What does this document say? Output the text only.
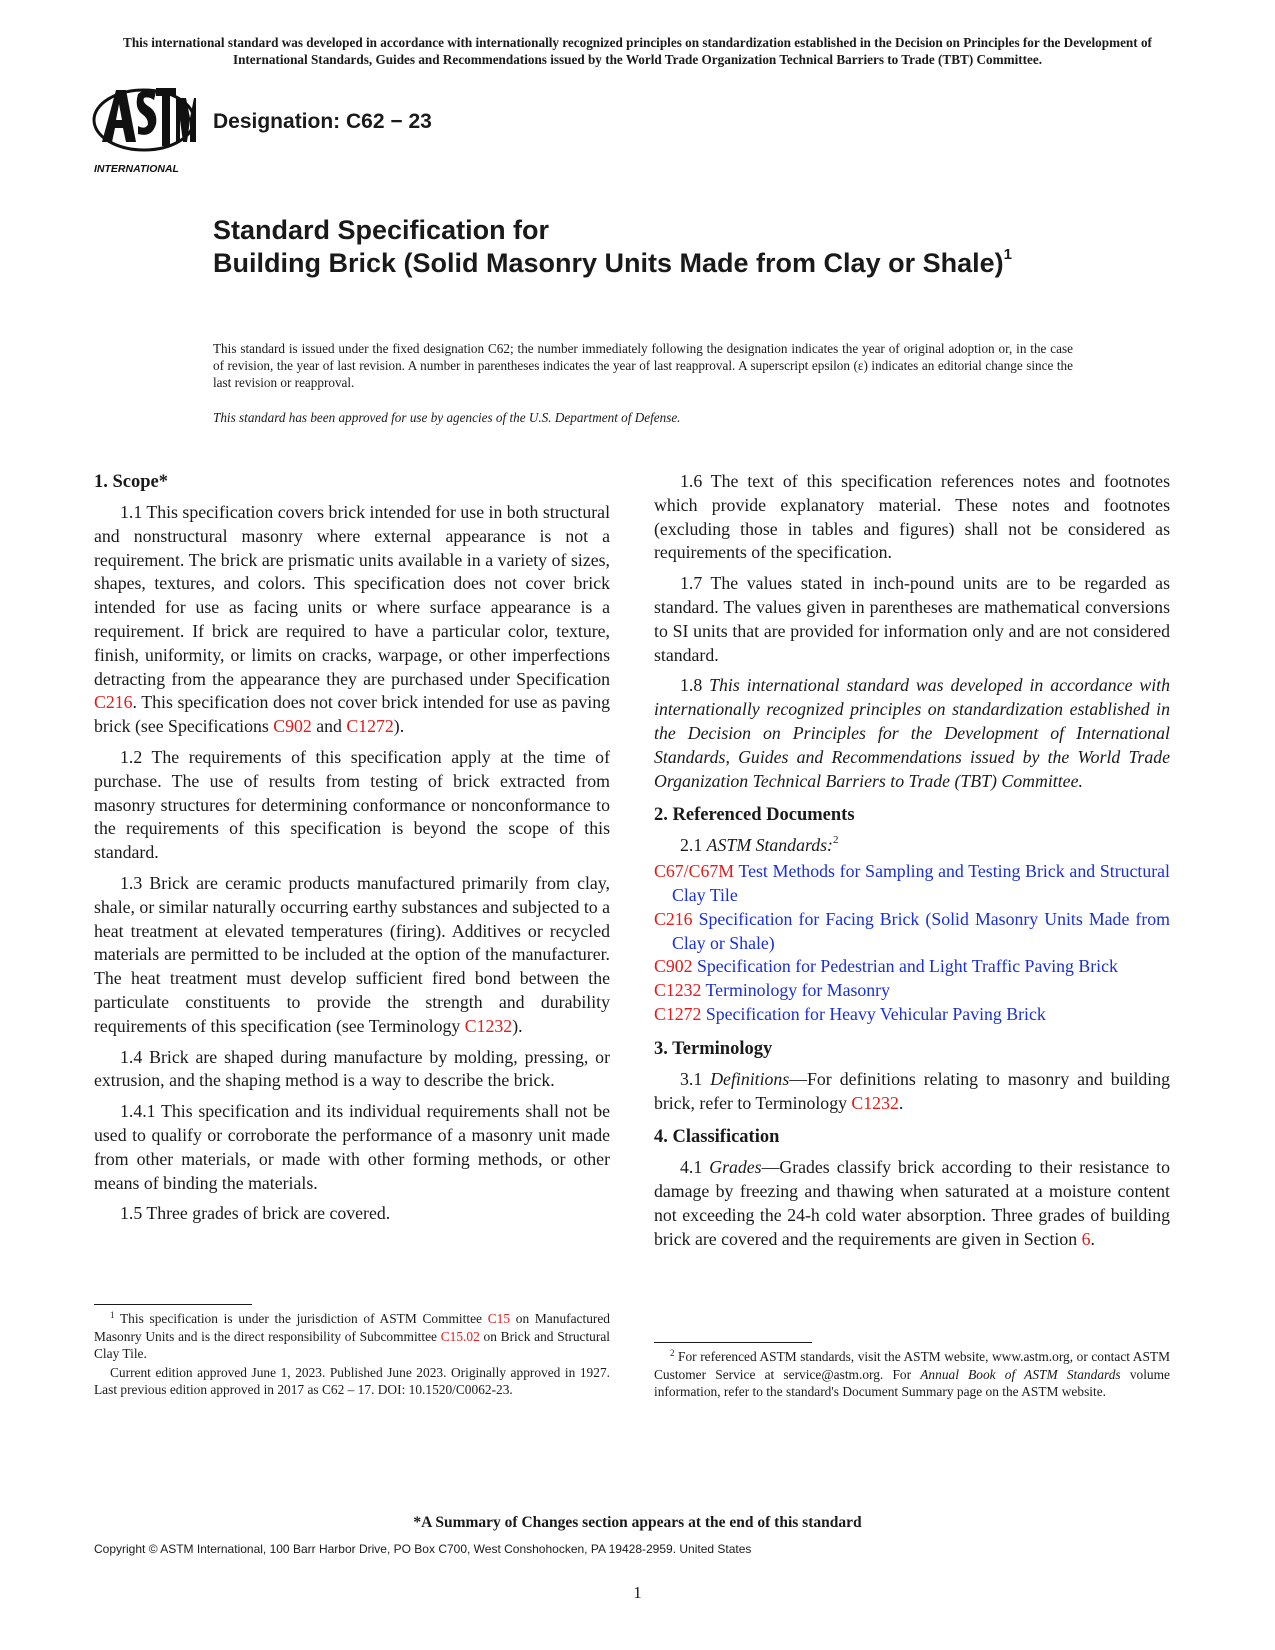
This international standard was developed in accordance with internationally recognized principles on standardization established in the Decision on Principles for the Development of International Standards, Guides and Recommendations issued by the World Trade Organization Technical Barriers to Trade (TBT) Committee.
INTERNATIONAL
Designation: C62 − 23
Standard Specification for
Building Brick (Solid Masonry Units Made from Clay or Shale)$^1$
This standard is issued under the fixed designation C62; the number immediately following the designation indicates the year of original adoption or, in the case of revision, the year of last revision. A number in parentheses indicates the year of last reapproval. A superscript epsilon (ε) indicates an editorial change since the last revision or reapproval.
This standard has been approved for use by agencies of the U.S. Department of Defense.
1. Scope*

1.1 This specification covers brick intended for use in both structural and nonstructural masonry where external appearance is not a requirement. The brick are prismatic units available in a variety of sizes, shapes, textures, and colors. This specification does not cover brick intended for use as facing units or where surface appearance is a requirement. If brick are required to have a particular color, texture, finish, uniformity, or limits on cracks, warpage, or other imperfections detracting from the appearance they are purchased under Specification C216. This specification does not cover brick intended for use as paving brick (see Specifications C902 and C1272).

1.2 The requirements of this specification apply at the time of purchase. The use of results from testing of brick extracted from masonry structures for determining conformance or nonconformance to the requirements of this specification is beyond the scope of this standard.

1.3 Brick are ceramic products manufactured primarily from clay, shale, or similar naturally occurring earthy substances and subjected to a heat treatment at elevated temperatures (firing). Additives or recycled materials are permitted to be included at the option of the manufacturer. The heat treatment must develop sufficient fired bond between the particulate constituents to provide the strength and durability requirements of this specification (see Terminology C1232).

1.4 Brick are shaped during manufacture by molding, pressing, or extrusion, and the shaping method is a way to describe the brick.

1.4.1 This specification and its individual requirements shall not be used to qualify or corroborate the performance of a masonry unit made from other materials, or made with other forming methods, or other means of binding the materials.

1.5 Three grades of brick are covered.

$^1$ This specification is under the jurisdiction of ASTM Committee C15 on Manufactured Masonry Units and is the direct responsibility of Subcommittee C15.02 on Brick and Structural Clay Tile.

Current edition approved June 1, 2023. Published June 2023. Originally approved in 1927. Last previous edition approved in 2017 as C62 – 17. DOI: 10.1520/C0062-23.

1.6 The text of this specification references notes and footnotes which provide explanatory material. These notes and footnotes (excluding those in tables and figures) shall not be considered as requirements of the specification.

1.7 The values stated in inch-pound units are to be regarded as standard. The values given in parentheses are mathematical conversions to SI units that are provided for information only and are not considered standard.

1.8 This international standard was developed in accordance with internationally recognized principles on standardization established in the Decision on Principles for the Development of International Standards, Guides and Recommendations issued by the World Trade Organization Technical Barriers to Trade (TBT) Committee.

2. Referenced Documents

2.1 ASTM Standards:$^2$

C67/C67M Test Methods for Sampling and Testing Brick and Structural Clay Tile
C216 Specification for Facing Brick (Solid Masonry Units Made from Clay or Shale)
C902 Specification for Pedestrian and Light Traffic Paving Brick
C1232 Terminology for Masonry
C1272 Specification for Heavy Vehicular Paving Brick
3. Terminology

3.1 Definitions—For definitions relating to masonry and building brick, refer to Terminology C1232.

4. Classification

4.1 Grades—Grades classify brick according to their resistance to damage by freezing and thawing when saturated at a moisture content not exceeding the 24-h cold water absorption. Three grades of building brick are covered and the requirements are given in Section 6.

$^2$ For referenced ASTM standards, visit the ASTM website, www.astm.org, or contact ASTM Customer Service at service@astm.org. For Annual Book of ASTM Standards volume information, refer to the standard's Document Summary page on the ASTM website.

*A Summary of Changes section appears at the end of this standard
Copyright © ASTM International, 100 Barr Harbor Drive, PO Box C700, West Conshohocken, PA 19428-2959. United States
1
